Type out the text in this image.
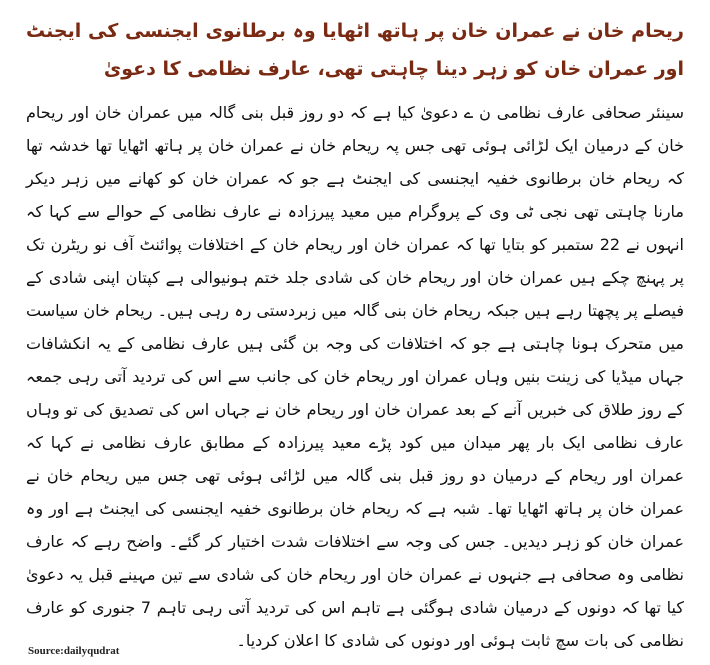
ریحام خان نے عمران خان پر ہاتھ اٹھایا وہ برطانوی ایجنسی کی ایجنٹ اور عمران خان کو زہر دینا چاہتی تھی، عارف نظامی کا دعویٰ

سینئر صحافی عارف نظامی ن ے دعویٰ کیا ہے کہ دو روز قبل بنی گالہ میں عمران خان اور ریحام خان کے درمیان ایک لڑائی ہوئی تھی جس پہ ریحام خان نے عمران خان پر ہاتھ اٹھایا تھا خدشہ تھا کہ ریحام خان برطانوی خفیہ ایجنسی کی ایجنٹ ہے جو کہ عمران خان کو کھانے میں زہر دیکر مارنا چاہتی تھی نجی ٹی وی کے پروگرام میں معید پیرزادہ نے عارف نظامی کے حوالے سے کہا کہ انہوں نے 22 ستمبر کو بتایا تھا کہ عمران خان اور ریحام خان کے اختلافات پوائنٹ آف نو ریٹرن تک پر پہنچ چکے ہیں عمران خان اور ریحام خان کی شادی جلد ختم ہونیوالی ہے کپتان اپنی شادی کے فیصلے پر پچھتا رہے ہیں جبکہ ریحام خان بنی گالہ میں زبردستی رہ رہی ہیں۔ ریحام خان سیاست میں متحرک ہونا چاہتی ہے جو کہ اختلافات کی وجہ بن گئی ہیں عارف نظامی کے یہ انکشافات جہاں میڈیا کی زینت بنیں وہاں عمران اور ریحام خان کی جانب سے اس کی تردید آتی رہی جمعہ کے روز طلاق کی خبریں آنے کے بعد عمران خان اور ریحام خان نے جہاں اس کی تصدیق کی تو وہاں عارف نظامی ایک بار پھر میدان میں کود پڑے معید پیرزادہ کے مطابق عارف نظامی نے کہا کہ عمران اور ریحام کے درمیان دو روز قبل بنی گالہ میں لڑائی ہوئی تھی جس میں ریحام خان نے عمران خان پر ہاتھ اٹھایا تھا۔ شبہ ہے کہ ریحام خان برطانوی خفیہ ایجنسی کی ایجنٹ ہے اور وہ عمران خان کو زہر دیدیں۔ جس کی وجہ سے اختلافات شدت اختیار کر گئے۔ واضح رہے کہ عارف نظامی وہ صحافی ہے جنہوں نے عمران خان اور ریحام خان کی شادی سے تین مہینے قبل یہ دعویٰ کیا تھا کہ دونوں کے درمیان شادی ہوگئی ہے تاہم اس کی تردید آتی رہی تاہم 7 جنوری کو عارف نظامی کی بات سچ ثابت ہوئی اور دونوں کی شادی کا اعلان کردیا۔

Source:dailyqudrat
